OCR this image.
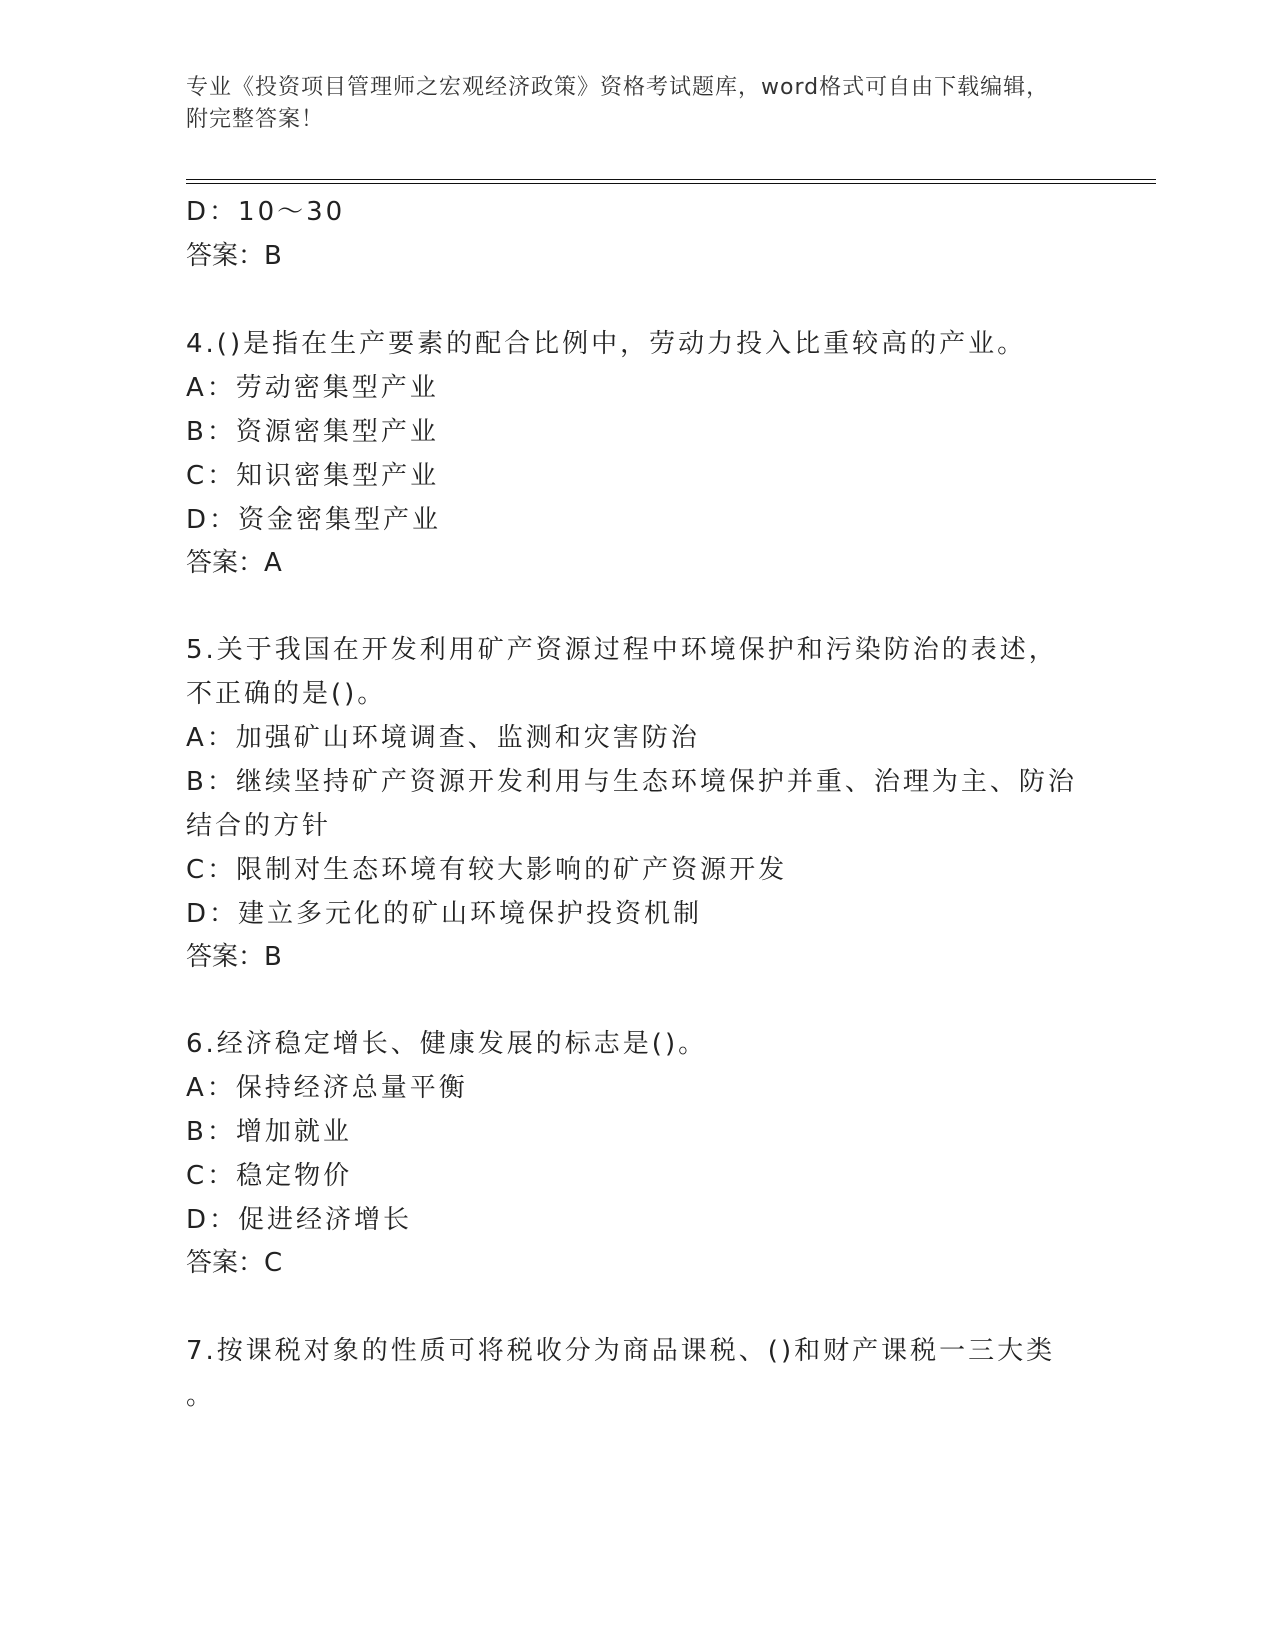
专业《投资项目管理师之宏观经济政策》资格考试题库，word格式可自由下载编辑，附完整答案！
D：10～30
答案：B
4.()是指在生产要素的配合比例中，劳动力投入比重较高的产业。
A：劳动密集型产业
B：资源密集型产业
C：知识密集型产业
D：资金密集型产业
答案：A
5.关于我国在开发利用矿产资源过程中环境保护和污染防治的表述，
不正确的是()。
A：加强矿山环境调查、监测和灾害防治
B：继续坚持矿产资源开发利用与生态环境保护并重、治理为主、防治
结合的方针
C：限制对生态环境有较大影响的矿产资源开发
D：建立多元化的矿山环境保护投资机制
答案：B
6.经济稳定增长、健康发展的标志是()。
A：保持经济总量平衡
B：增加就业
C：稳定物价
D：促进经济增长
答案：C
7.按课税对象的性质可将税收分为商品课税、()和财产课税一三大类
。
